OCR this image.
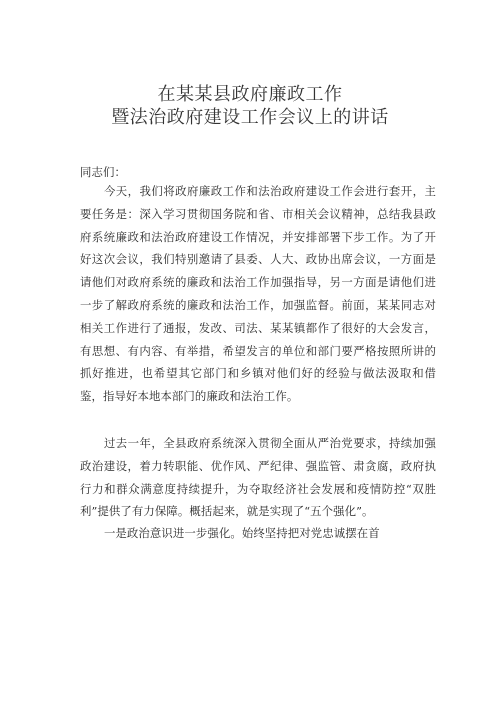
在某某县政府廉政工作
暨法治政府建设工作会议上的讲话

同志们：

今天，我们将政府廉政工作和法治政府建设工作会进行套开，主要任务是：深入学习贯彻国务院和省、市相关会议精神，总结我县政府系统廉政和法治政府建设工作情况，并安排部署下步工作。为了开好这次会议，我们特别邀请了县委、人大、政协出席会议，一方面是请他们对政府系统的廉政和法治工作加强指导，另一方面是请他们进一步了解政府系统的廉政和法治工作，加强监督。前面，某某同志对相关工作进行了通报，发改、司法、某某镇都作了很好的大会发言，有思想、有内容、有举措，希望发言的单位和部门要严格按照所讲的抓好推进，也希望其它部门和乡镇对他们好的经验与做法汲取和借鉴，指导好本地本部门的廉政和法治工作。

过去一年，全县政府系统深入贯彻全面从严治党要求，持续加强政治建设，着力转职能、优作风、严纪律、强监管、肃贪腐，政府执行力和群众满意度持续提升，为夺取经济社会发展和疫情防控“双胜利”提供了有力保障。概括起来，就是实现了“五个强化”。

一是政治意识进一步强化。始终坚持把对党忠诚摆在首
